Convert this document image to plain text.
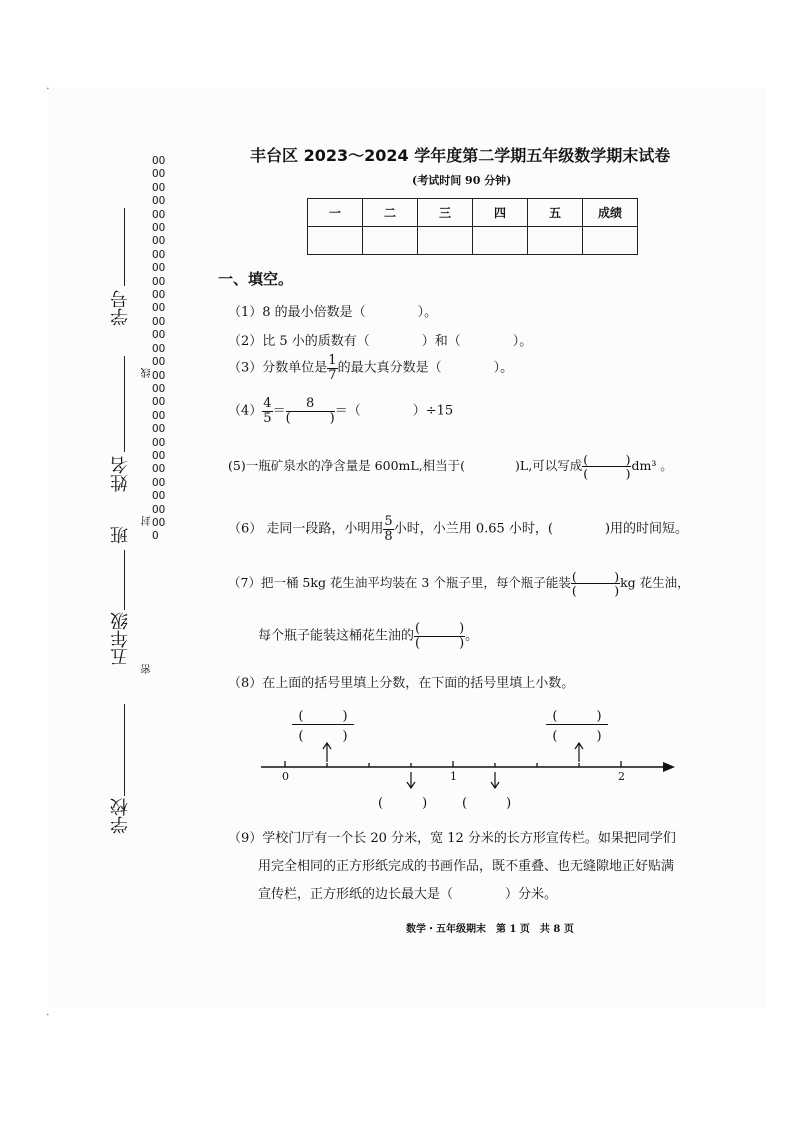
•
•
学校
五年级
班
姓名
学号
密
封
线
OOOOOOOOOOOOOOOOOOOOOOOOOOOOOOOOOOOOOOOOOOOOOOOOOOOOOOOOO
丰台区 2023～2024 学年度第二学期五年级数学期末试卷
(考试时间 90 分钟)
一	二	三	四	五	成绩

一、填空。
（1）8 的最小倍数是（　　　　）。
（2）比 5 小的质数有（　　　　）和（　　　　）。
（3）分数单位是 $\frac{1}{7}$ 的最大真分数是（　　　　）。
$(4) \frac{4}{5} = \frac{8}{( )}$ ＝（　　　　）÷15
(5)一瓶矿泉水的净含量是 600mL,相当于(　　　　)L,可以写成 $\frac{( )}{( )} dm^3$ 。
（6） 走同一段路，小明用 $\frac{5}{8}$ 小时，小兰用 0.65 小时，(　　　　)用的时间短。
（7）把一桶 5kg 花生油平均装在 3 个瓶子里，每个瓶子能装 $\frac{( )}{( )}$ kg 花生油，
每个瓶子能装这桶花生油的 $\frac{( )}{( )}$ 。
（8）在上面的括号里填上分数，在下面的括号里填上小数。
(　　　)
(　　　)
(　　　)
(　　　)
0	1	2
(　　　)	(　　　)
（9）学校门厅有一个长 20 分米，宽 12 分米的长方形宣传栏。如果把同学们
用完全相同的正方形纸完成的书画作品，既不重叠、也无缝隙地正好贴满
宣传栏，正方形纸的边长最大是（　　　　）分米。
数学・五年级期末　第 1 页　共 8 页
